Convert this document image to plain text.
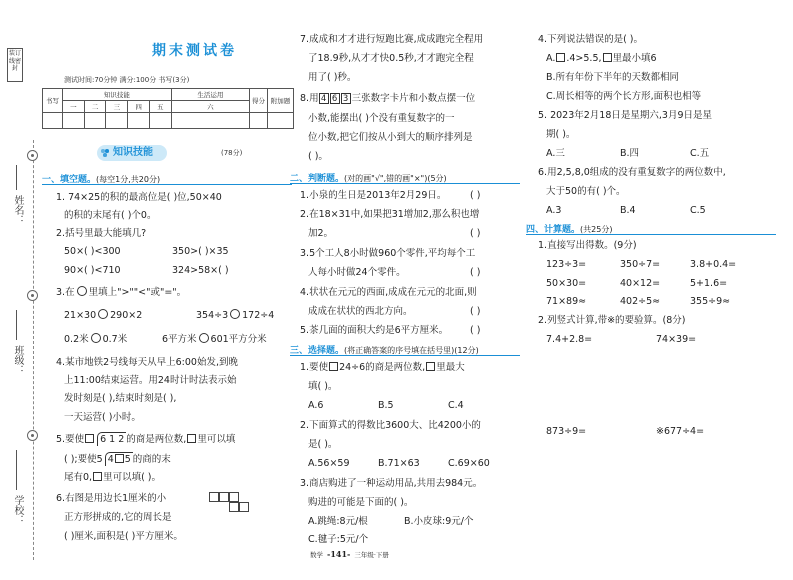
装订线密封
姓名：
班级：
学校：
期末测试卷
测试时间:70分钟 满分:100分 书写(3分)
书写	知识技能					生活运用	得分	附加题
	一	二	三	四	五	六		

知识技能	(78分)
一、填空题。(每空1分,共20分)
1. 74×25的积的最高位是( )位,50×40
的积的末尾有( )个0。
2.括号里最大能填几?
50×( )<300	350>( )×35
90×( )<710	324>58×( )
3.在 里填上">""<"或"="。
21×30 290×2	354÷3 172÷4
0.2米 0.7米	6平方米 601平方分米
4.某市地铁2号线每天从早上6:00始发,到晚
上11:00结束运营。用24时计时法表示始
发时刻是( ),结束时刻是( ),
一天运营( )小时。
5.要使 6 1 2 的商是两位数, 里可以填
( );要使5 4 5 的商的末
尾有0, 里可以填( )。
6.右图是用边长1厘米的小
正方形拼成的,它的周长是
( )厘米,面积是( )平方厘米。
7.成成和才才进行短跑比赛,成成跑完全程用
了18.9秒,从才才快0.5秒,才才跑完全程
用了( )秒。
8.用 4 6 3 三张数字卡片和小数点摆一位
小数,能摆出( )个没有重复数字的一
位小数,把它们按从小到大的顺序排列是
( )。
二、判断题。(对的画"√",错的画"×")(5分)
1.小泉的生日是2013年2月29日。 ( )
2.在18×31中,如果把31增加2,那么积也增
加2。	( )
3.5个工人8小时做960个零件,平均每个工
人每小时做24个零件。	( )
4.状状在元元的西面,成成在元元的北面,则
成成在状状的西北方向。	( )
5.茶几面的面积大约是6平方厘米。 ( )
三、选择题。(将正确答案的序号填在括号里)(12分)
1.要使 24÷6的商是两位数, 里最大
填( )。
A.6	B.5	C.4
2.下面算式的得数比3600大、比4200小的
是( )。
A.56×59	B.71×63	C.69×60
3.商店购进了一种运动用品,共用去984元。
购进的可能是下面的( )。
A.跳绳:8元/根	B.小皮球:9元/个
C.毽子:5元/个
4.下列说法错误的是( )。
A. .4>5.5, 里最小填6
B.所有年份下半年的天数都相同
C.周长相等的两个长方形,面积也相等
5. 2023年2月18日是星期六,3月9日是星
期( )。
A.三	B.四	C.五
6.用2,5,8,0组成的没有重复数字的两位数中,
大于50的有( )个。
A.3	B.4	C.5
四、计算题。(共25分)
1.直接写出得数。(9分)
123÷3=	350÷7=	3.8+0.4=
50×30=	40×12=	5+1.6=
71×89≈	402÷5≈	355÷9≈
2.列竖式计算,带※的要验算。(8分)
7.4+2.8=	74×39=
873÷9=	※677÷4=
数学 -141- 三年级·下册
